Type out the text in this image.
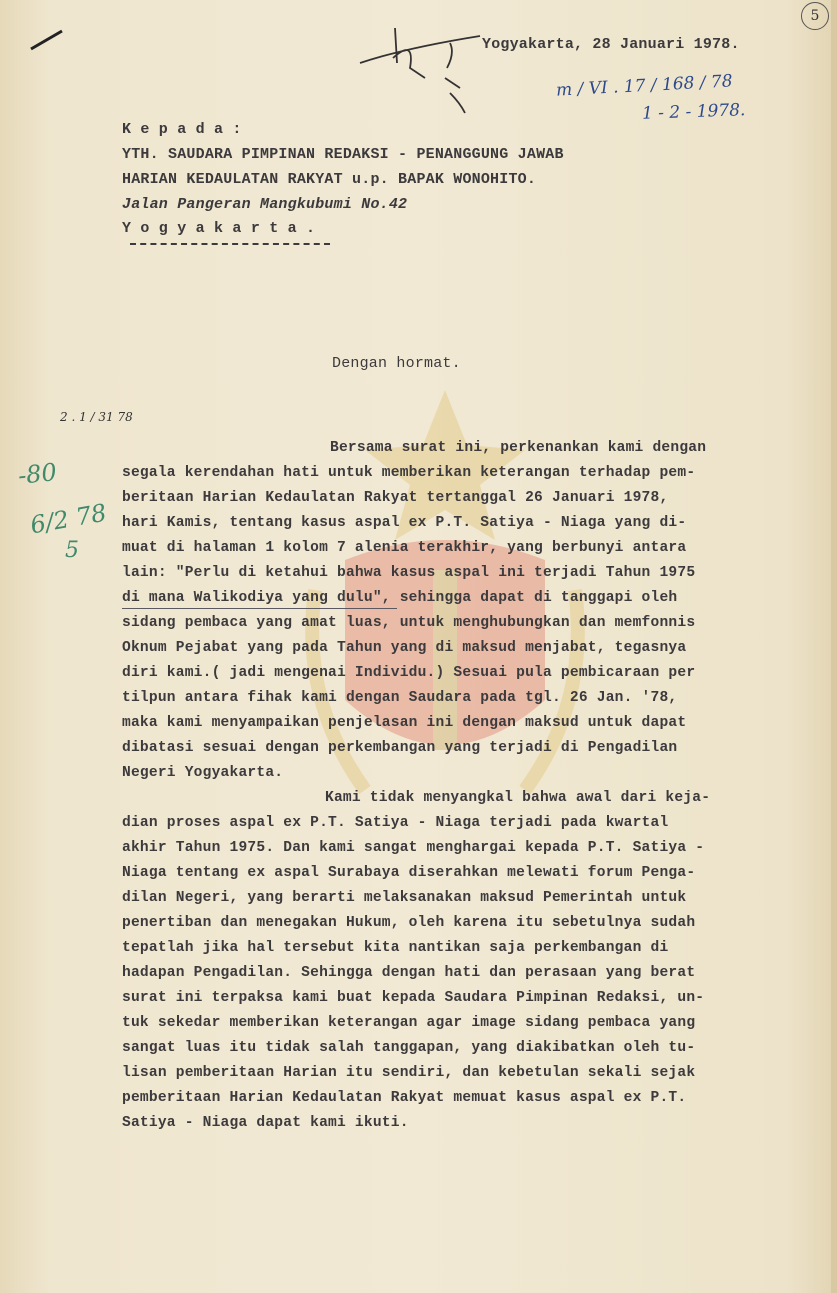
5
Yogyakarta, 28 Januari 1978.
m / VI . 17 / 168 / 78
1 - 2 - 1978.
K e p a d a :
YTH. SAUDARA PIMPINAN REDAKSI - PENANGGUNG JAWAB
HARIAN KEDAULATAN RAKYAT u.p. BAPAK WONOHITO.
Jalan Pangeran Mangkubumi No.42
Y o g y a k a r t a .
Dengan hormat.
2 . 1 / 31 78
-80
6/2 78
5
Bersama surat ini, perkenankan kami dengan
segala kerendahan hati untuk memberikan keterangan terhadap pem-
beritaan Harian Kedaulatan Rakyat tertanggal 26 Januari 1978,
hari Kamis, tentang kasus aspal ex P.T. Satiya - Niaga yang di-
muat di halaman 1 kolom 7 alenia terakhir, yang berbunyi antara
lain: "Perlu di ketahui bahwa kasus aspal ini terjadi Tahun 1975
di mana Walikodiya yang dulu", sehingga dapat di tanggapi oleh
sidang pembaca yang amat luas, untuk menghubungkan dan memfonnis
Oknum Pejabat yang pada Tahun yang di maksud menjabat, tegasnya
diri kami.( jadi mengenai Individu.) Sesuai pula pembicaraan per
tilpun antara fihak kami dengan Saudara pada tgl. 26 Jan. '78,
maka kami menyampaikan penjelasan ini dengan maksud untuk dapat
dibatasi sesuai dengan perkembangan yang terjadi di Pengadilan
Negeri Yogyakarta.
Kami tidak menyangkal bahwa awal dari keja-
dian proses aspal ex P.T. Satiya - Niaga terjadi pada kwartal
akhir Tahun 1975. Dan kami sangat menghargai kepada P.T. Satiya -
Niaga tentang ex aspal Surabaya diserahkan melewati forum Penga-
dilan Negeri, yang berarti melaksanakan maksud Pemerintah untuk
penertiban dan menegakan Hukum, oleh karena itu sebetulnya sudah
tepatlah jika hal tersebut kita nantikan saja perkembangan di
hadapan Pengadilan. Sehingga dengan hati dan perasaan yang berat
surat ini terpaksa kami buat kepada Saudara Pimpinan Redaksi, un-
tuk sekedar memberikan keterangan agar image sidang pembaca yang
sangat luas itu tidak salah tanggapan, yang diakibatkan oleh tu-
lisan pemberitaan Harian itu sendiri, dan kebetulan sekali sejak
pemberitaan Harian Kedaulatan Rakyat memuat kasus aspal ex P.T.
Satiya - Niaga dapat kami ikuti.
